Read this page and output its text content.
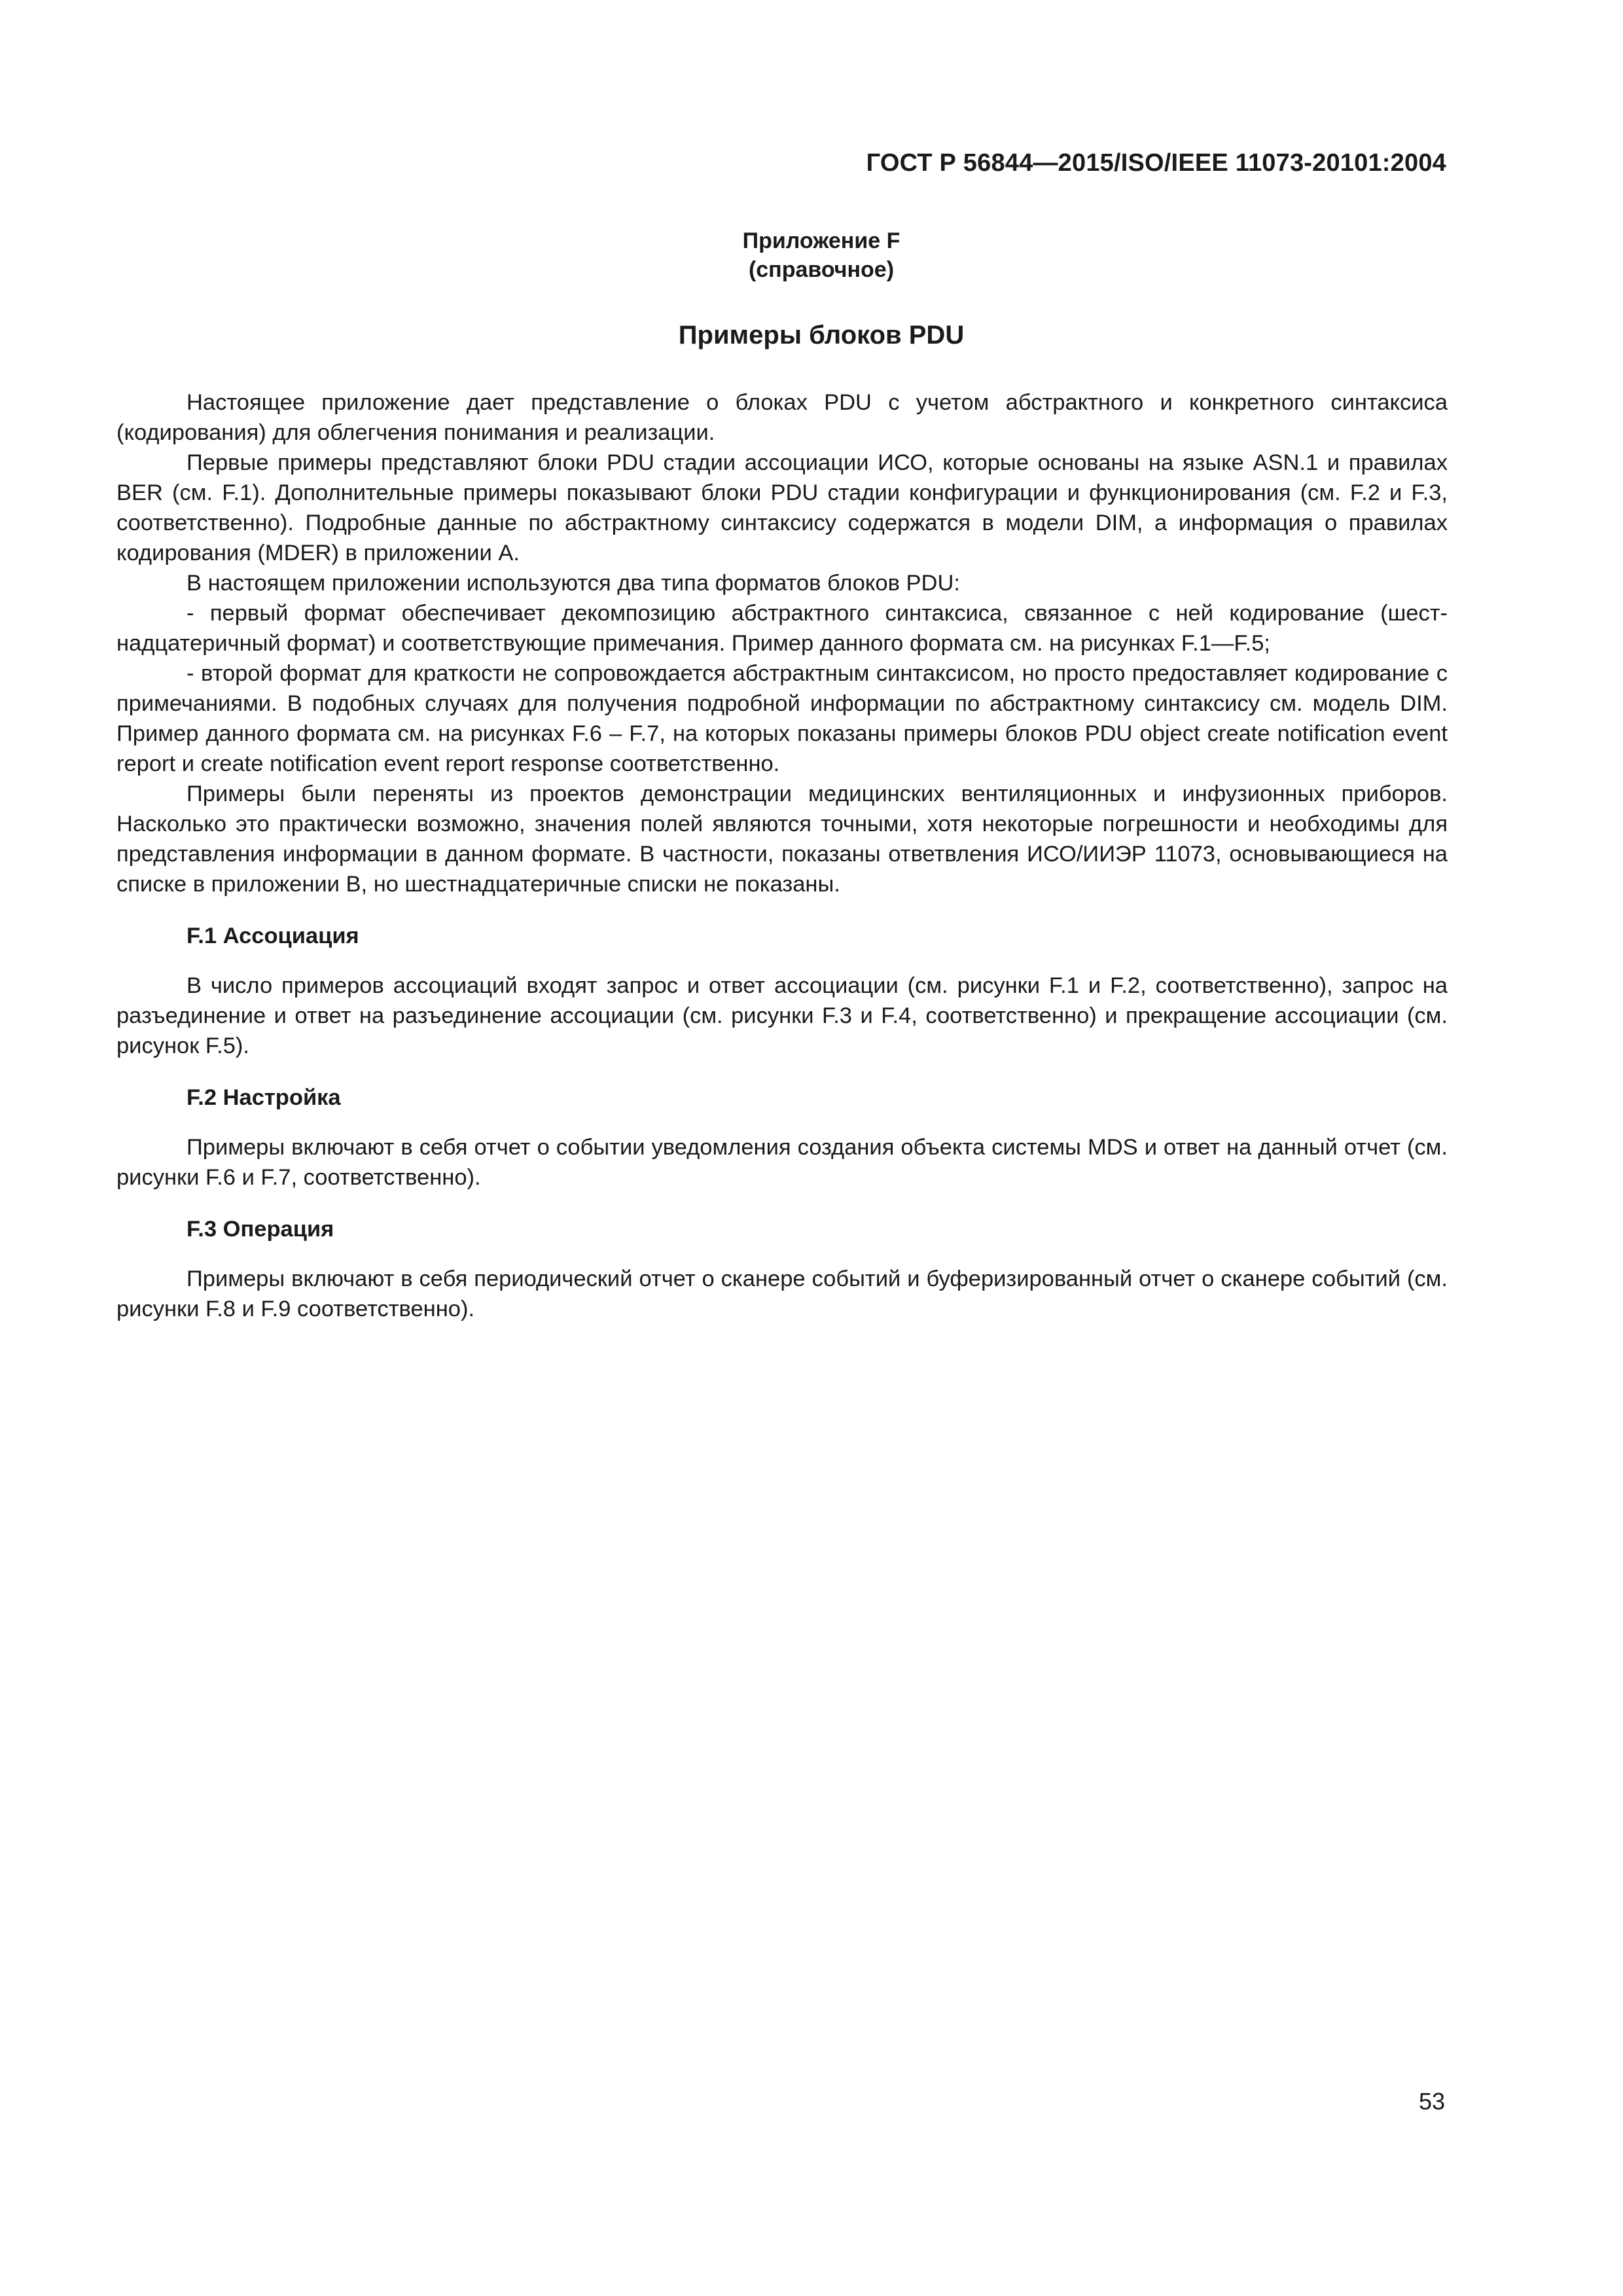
ГОСТ Р 56844—2015/ISO/IEEE 11073-20101:2004
Приложение F
(справочное)
Примеры блоков PDU

Настоящее приложение дает представление о блоках PDU с учетом абстрактного и конкретного синтаксиса (кодирования) для облегчения понимания и реализации.

Первые примеры представляют блоки PDU стадии ассоциации ИСО, которые основаны на языке ASN.1 и правилах BER (см. F.1). Дополнительные примеры показывают блоки PDU стадии конфигурации и функционирования (см. F.2 и F.3, соответственно). Подробные данные по абстрактному синтаксису содержатся в модели DIM, а информация о правилах кодирования (MDER) в приложении A.

В настоящем приложении используются два типа форматов блоков PDU:

- первый формат обеспечивает декомпозицию абстрактного синтаксиса, связанное с ней кодирование (шестнадцатеричный формат) и соответствующие примечания. Пример данного формата см. на рисунках F.1—F.5;

- второй формат для краткости не сопровождается абстрактным синтаксисом, но просто предоставляет кодирование с примечаниями. В подобных случаях для получения подробной информации по абстрактному синтаксису см. модель DIM. Пример данного формата см. на рисунках F.6 – F.7, на которых показаны примеры блоков PDU object create notification event report и create notification event report response соответственно.

Примеры были переняты из проектов демонстрации медицинских вентиляционных и инфузионных приборов. Насколько это практически возможно, значения полей являются точными, хотя некоторые погрешности и необходимы для представления информации в данном формате. В частности, показаны ответвления ИСО/ИИЭР 11073, основывающиеся на списке в приложении B, но шестнадцатеричные списки не показаны.

F.1 Ассоциация

В число примеров ассоциаций входят запрос и ответ ассоциации (см. рисунки F.1 и F.2, соответственно), запрос на разъединение и ответ на разъединение ассоциации (см. рисунки F.3 и F.4, соответственно) и прекращение ассоциации (см. рисунок F.5).

F.2 Настройка

Примеры включают в себя отчет о событии уведомления создания объекта системы MDS и ответ на данный отчет (см. рисунки F.6 и F.7, соответственно).

F.3 Операция

Примеры включают в себя периодический отчет о сканере событий и буферизированный отчет о сканере событий (см. рисунки F.8 и F.9 соответственно).

53
